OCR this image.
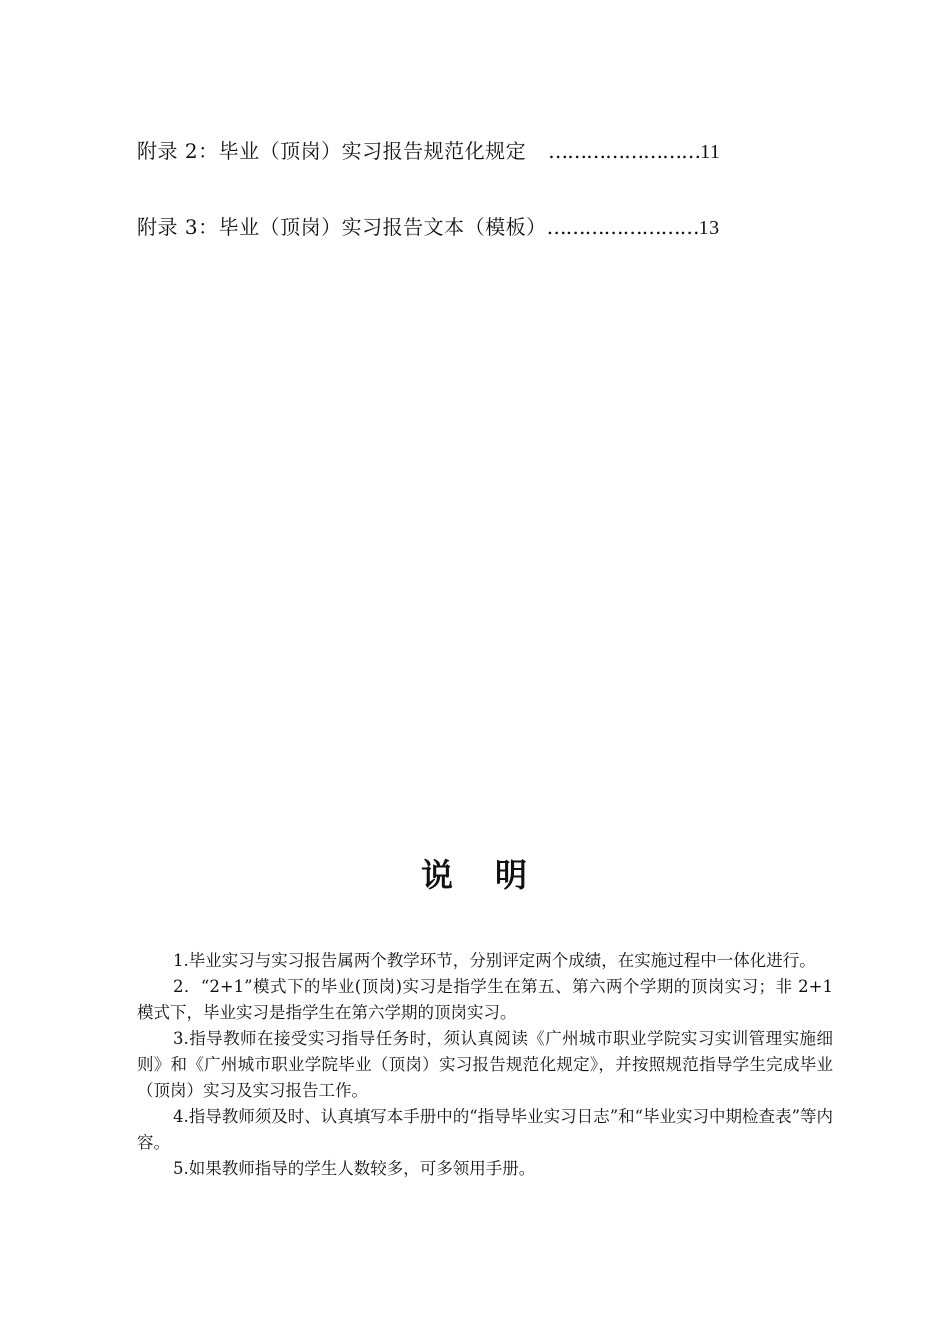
附录 2：毕业（顶岗）实习报告规范化规定 ……………………11
附录 3：毕业（顶岗）实习报告文本（模板）……………………13
说 明

1.毕业实习与实习报告属两个教学环节，分别评定两个成绩，在实施过程中一体化进行。

2．“2+1”模式下的毕业(顶岗)实习是指学生在第五、第六两个学期的顶岗实习；非 2+1 模式下，毕业实习是指学生在第六学期的顶岗实习。

3.指导教师在接受实习指导任务时，须认真阅读《广州城市职业学院实习实训管理实施细则》和《广州城市职业学院毕业（顶岗）实习报告规范化规定》，并按照规范指导学生完成毕业（顶岗）实习及实习报告工作。

4.指导教师须及时、认真填写本手册中的“指导毕业实习日志”和“毕业实习中期检查表”等内容。

5.如果教师指导的学生人数较多，可多领用手册。
